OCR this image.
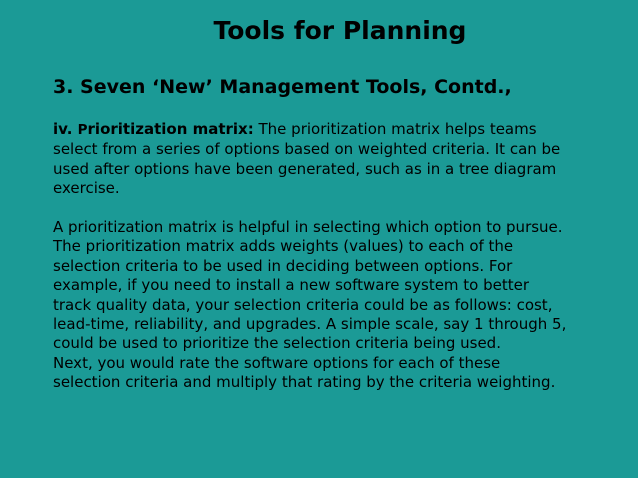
Tools for Planning
3. Seven ‘New’ Management Tools, Contd.,

iv. Prioritization matrix: The prioritization matrix helps teams
select from a series of options based on weighted criteria. It can be
used after options have been generated, such as in a tree diagram
exercise.

A prioritization matrix is helpful in selecting which option to pursue.
The prioritization matrix adds weights (values) to each of the
selection criteria to be used in deciding between options. For
example, if you need to install a new software system to better
track quality data, your selection criteria could be as follows: cost,
lead-time, reliability, and upgrades. A simple scale, say 1 through 5,
could be used to prioritize the selection criteria being used.
Next, you would rate the software options for each of these
selection criteria and multiply that rating by the criteria weighting.
